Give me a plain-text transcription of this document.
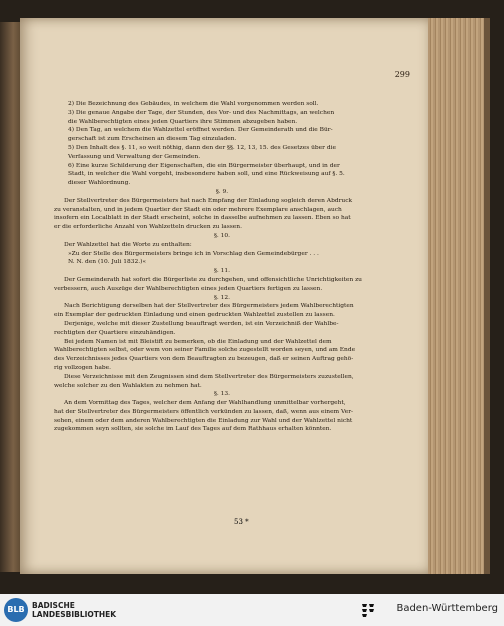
299
2) Die Bezeichnung des Gebäudes, in welchem die Wahl vorgenommen werden soll.
3) Die genaue Angabe der Tage, der Stunden, des Vor- und des Nachmittags, an welchen
die Wahlberechtigten eines jeden Quartiers ihre Stimmen abzugeben haben.
4) Den Tag, an welchem die Wahlzettel eröffnet werden. Der Gemeinderath und die Bür-
gerschaft ist zum Erscheinen an diesem Tag einzuladen.
5) Den Inhalt des §. 11, so weit nöthig, dann den der §§. 12, 13, 15. des Gesetzes über die
Verfassung und Verwaltung der Gemeinden.
6) Eine kurze Schilderung der Eigenschaften, die ein Bürgermeister überhaupt, und in der
Stadt, in welcher die Wahl vorgeht, insbesondere haben soll, und eine Rückweisung auf §. 5.
dieser Wahlordnung.
§. 9.
Der Stellvertreter des Bürgermeisters hat nach Empfang der Einladung sogleich deren Abdruck
zu veranstalten, und in jedem Quartier der Stadt ein oder mehrere Exemplare anschlagen, auch
insofern ein Localblatt in der Stadt erscheint, solche in dasselbe aufnehmen zu lassen. Eben so hat
er die erforderliche Anzahl von Wahlzetteln drucken zu lassen.
§. 10.
Der Wahlzettel hat die Worte zu enthalten:
»Zu der Stelle des Bürgermeisters bringe ich in Vorschlag den Gemeindebürger . . .
N. N. den (10. Juli 1832.)«
§. 11.
Der Gemeinderath hat sofort die Bürgerliste zu durchgehen, und offensichtliche Unrichtigkeiten zu
verbessern, auch Auszüge der Wahlberechtigten eines jeden Quartiers fertigen zu lassen.
§. 12.
Nach Berichtigung derselben hat der Stellvertreter des Bürgermeisters jedem Wahlberechtigten
ein Exemplar der gedruckten Einladung und einen gedruckten Wahlzettel zustellen zu lassen.
Derjenige, welche mit dieser Zustellung beauftragt werden, ist ein Verzeichniß der Wahlbe-
rechtigten der Quartiere einzuhändigen.
Bei jedem Namen ist mit Bleistift zu bemerken, ob die Einladung und der Wahlzettel dem
Wahlberechtigten selbst, oder wem von seiner Familie solche zugestellt worden seyen, und am Ende
des Verzeichnisses jedes Quartiers von dem Beauftragten zu bezeugen, daß er seinen Auftrag gehö-
rig vollzogen habe.
Diese Verzeichnisse mit den Zeugnissen sind dem Stellvertreter des Bürgermeisters zuzustellen,
welche solcher zu den Wahlakten zu nehmen hat.
§. 13.
An dem Vormittag des Tages, welcher dem Anfang der Wahlhandlung unmittelbar vorhergeht,
hat der Stellvertreter des Bürgermeisters öffentlich verkünden zu lassen, daß, wenn aus einem Ver-
sehen, einem oder dem anderen Wahlberechtigten die Einladung zur Wahl und der Wahlzettel nicht
zugekommen seyn sollten, sie solche im Lauf des Tages auf dem Rathhaus erhalten könnten.
53 *
BLB BADISCHE
LANDESBIBLIOTHEK
Baden-Württemberg
